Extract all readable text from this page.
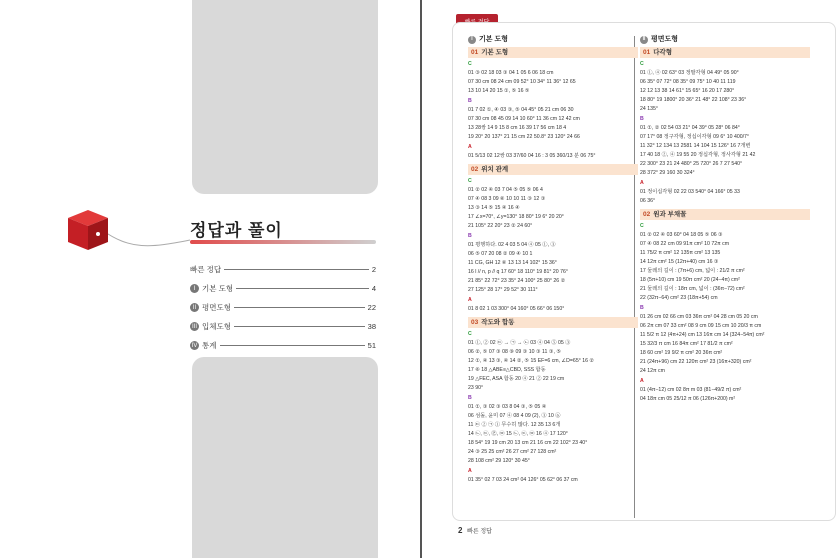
정답과 풀이
빠른 정답	2
I 기본 도형	4
II 평면도형	22
III 입체도형	38
IV 통계	51
I 기본 도형
01 기본 도형
C
01 ③ 02 18 03 ③ 04 1 05 6 06 18 cm
07 30 cm 08 24 cm 09 52° 10 34° 11 36° 12 65
13 10 14 20 15 ①, ⑤ 16 ⑤
B
01 7 02 ①, ④ 03 ③, ⑤ 04 45° 05 21 cm 06 30
07 30 cm 08 45 09 14 10 60° 11 36 cm 12 42 cm
13 28쌍 14 9 15 8 cm 16 39 17 56 cm 18 4
19 20° 20 137° 21 15 cm 22 50.8° 23 120° 24 66
A
01 5/13 02 12쌍 03 37/60 04 16 : 3 05 360/13 분 06 75°
02 위치 관계
C
01 ② 02 ④ 03 7 04 ⑤ 05 ⑤ 06 4
07 ④ 08 3 09 ⑥ 10 10 11 ③ 12 ③
13 ③ 14 ⑤ 15 ④ 16 ④
17 ∠x=70°, ∠y=130° 18 80° 19 6° 20 20°
21 105° 22 20° 23 ② 24 60°
B
01 평행하다. 02 4 03 5 04 ④ 05 ①, ③
06 ⑤ 07 20 08 ② 09 ④ 10 1
11 CG, GH 12 ⑥ 13 13 14 102° 15 36°
16 l // n, p // q 17 60° 18 110° 19 81° 20 76°
21 85° 22 72° 23 35° 24 100° 25 80° 26 ②
27 125° 28 17° 29 52° 30 111°
A
01 8 02 1 03 300° 04 160° 05 66° 06 150°
03 작도와 합동
C
01 ①, ② 02 ㉢ → ㉠ → ㉡ 03 ④ 04 ⑤ 05 ③
06 ②, ⑤ 07 ③ 08 ⑨ 09 ③ 10 ③ 11 ③, ⑤
12 ①, ④ 13 ③, ④ 14 ②, ⑤ 15 EF=6 cm, ∠D=65° 16 ②
17 ⑥ 18 △ABE≡△CBD, SSS 합동
19 △FEC, ASA 합동 20 ④ 21 ② 22 19 cm
23 90°
B
01 ①, ③ 02 ③ 03 8 04 ③, ⑤ 05 ④
06 섬돌, 윤미 07 ④ 08 4 09 (2), ③ 10 ⑥
11 ㉢ ② ㉠ ① 무수히 많다. 12 35 13 6개
14 ㉡, ㉢, ㉣, ㉤ 15 ㉡, ㉢, ㉤ 16 ④ 17 120°
18 54° 19 19 cm 20 13 cm 21 16 cm 22 102° 23 40°
24 ③ 25 25 cm² 26 27 cm² 27 128 cm²
28 108 cm² 29 120° 30 45°
A
01 35° 02 7 03 24 cm² 04 126° 05 62° 06 37 cm
II 평면도형
01 다각형
C
01 ①, ④ 02 63° 03 정팔각형 04 49° 05 90°
06 35° 07 72° 08 35° 09 75° 10 40 11 119
12 12 13 38 14 61° 15 65° 16 20 17 280°
18 80° 19 1800° 20 36° 21 48° 22 108° 23 36°
24 135°
B
01 ①, ② 02 54 03 21° 04 39° 05 28° 06 84°
07 17° 08 정구각형, 정십이각형 09 6° 10 400/7°
11 32° 12 134 13 2581 14 104 15 126° 16 7개변
17 40 18 ②, ④ 19 55 20 정십각형, 정사각형 21 42
22 300° 23 21 24 480° 25 720° 26 7 27 540°
28 372° 29 160 30 324°
A
01 정이십각형 02 22 03 540° 04 166° 05 33
06 36°
02 원과 부채꼴
C
01 ② 02 ④ 03 60° 04 18 05 ⑤ 06 ③
07 ④ 08 22 cm 09 91π cm² 10 72π cm
11 75/2 π cm² 12 135π cm² 13 135
14 12π cm² 15 (12π+40) cm 16 ③
17 둘레의 길이 : (7π+6) cm, 넓이 : 21/2 π cm²
18 (5π+10) cm 19 50π cm² 20 (24−4π) cm²
21 둘레의 길이 : 18π cm, 넓이 : (36π−72) cm²
22 (32π−64) cm² 23 (18π+54) cm
B
01 26 cm 02 66 cm 03 36π cm² 04 28 cm 05 20 cm
06 2π cm 07 33 cm² 08 9 cm 09 15 cm 10 20/3 π cm
11 5/2 π 12 (4π+24) cm 13 16π cm 14 (324−54π) cm²
15 32/3 π cm 16 84π cm² 17 81/2 π cm²
18 60 cm² 19 9/2 π cm² 20 36π cm²
21 (24π+96) cm 22 120π cm² 23 (16π+320) cm²
24 12π cm
A
01 (4π−12) cm 02 8π m 03 (81−49/2 π) cm²
04 18π cm 05 25/12 π 06 (126π+200) m²
2 빠른 정답
